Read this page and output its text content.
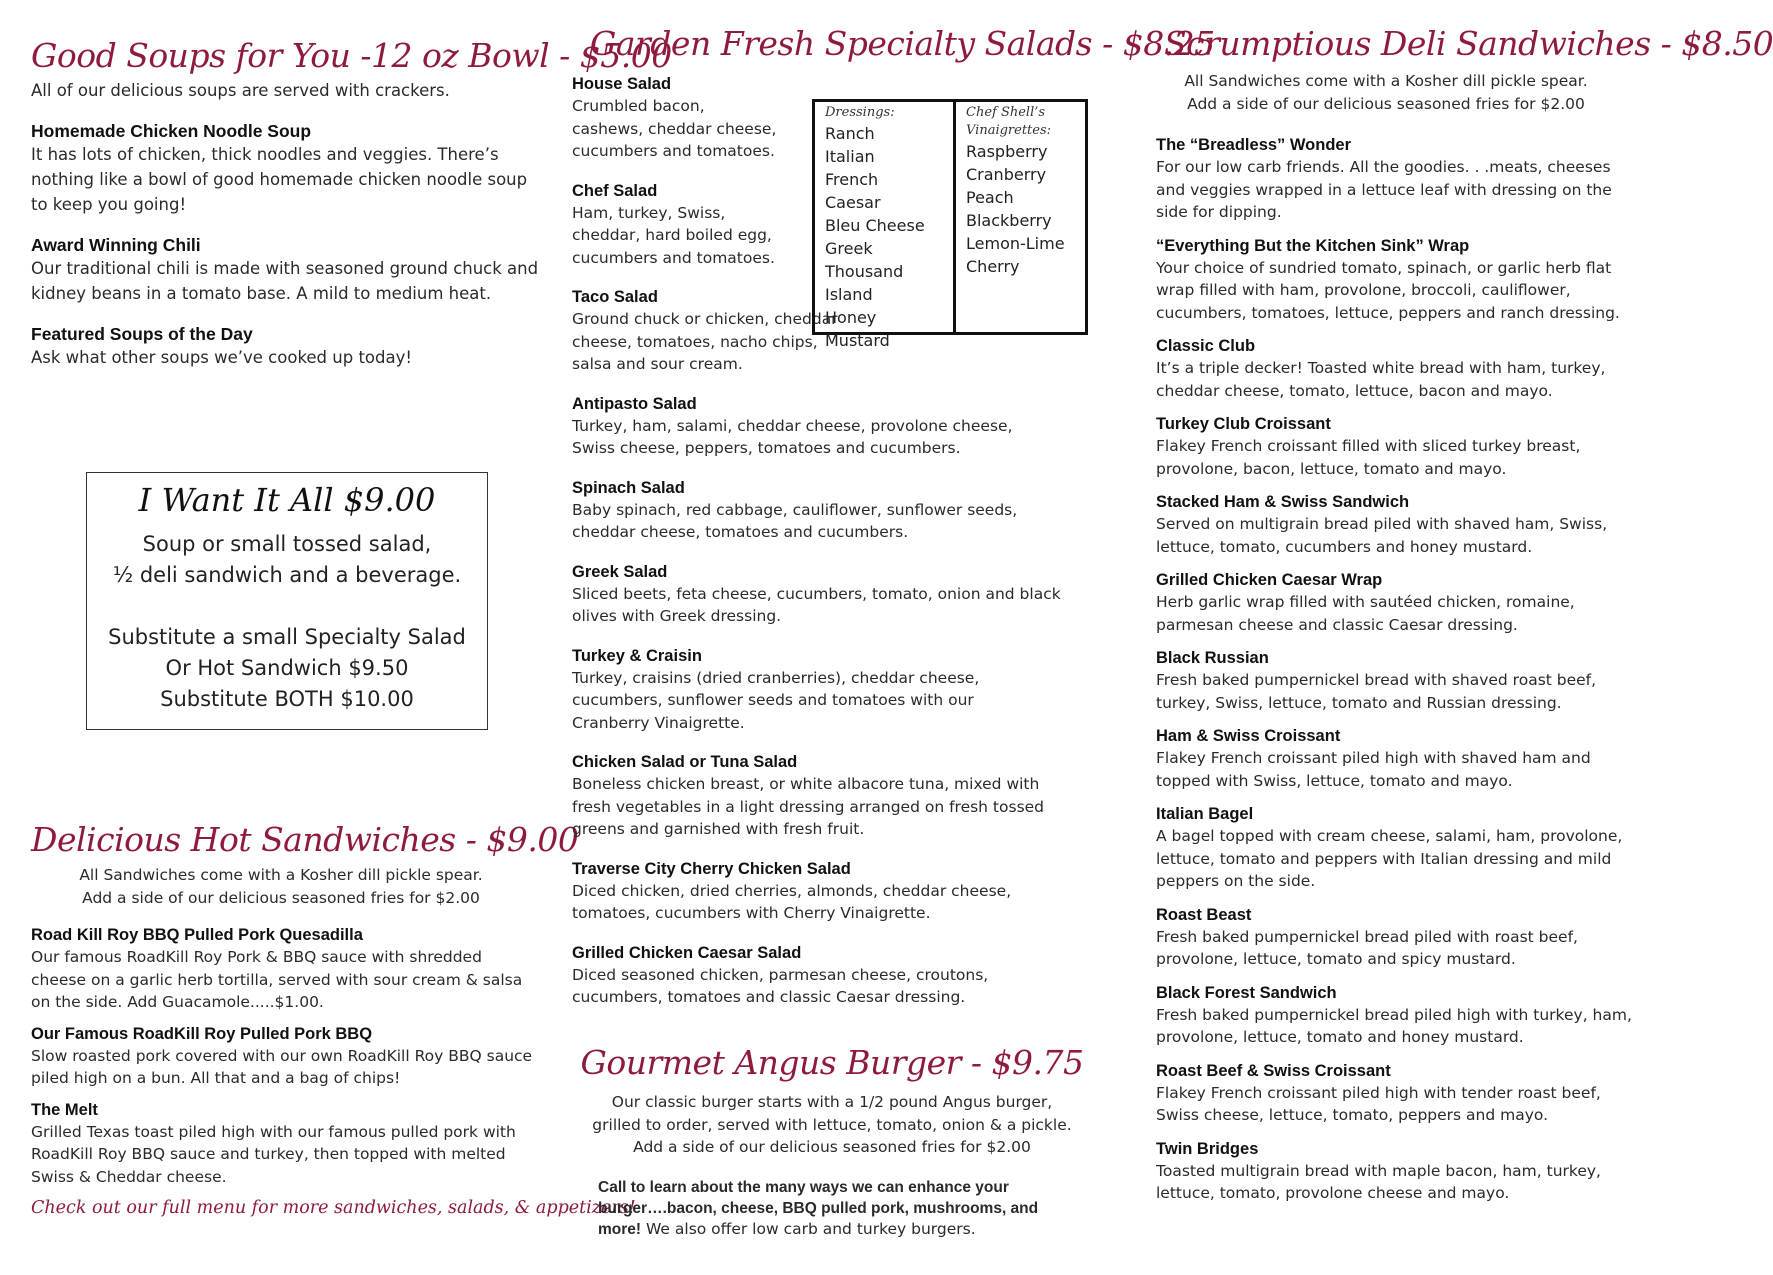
Good Soups for You -12 oz Bowl - $5.00
All of our delicious soups are served with crackers.
Homemade Chicken Noodle Soup
It has lots of chicken, thick noodles and veggies. There’s nothing like a bowl of good homemade chicken noodle soup to keep you going!
Award Winning Chili
Our traditional chili is made with seasoned ground chuck and kidney beans in a tomato base. A mild to medium heat.
Featured Soups of the Day
Ask what other soups we’ve cooked up today!
I Want It All $9.00
Soup or small tossed salad,
½ deli sandwich and a beverage.
Substitute a small Specialty Salad
Or Hot Sandwich $9.50
Substitute BOTH $10.00
Delicious Hot Sandwiches - $9.00
All Sandwiches come with a Kosher dill pickle spear.
Add a side of our delicious seasoned fries for $2.00
Road Kill Roy BBQ Pulled Pork Quesadilla
Our famous RoadKill Roy Pork & BBQ sauce with shredded cheese on a garlic herb tortilla, served with sour cream & salsa on the side. Add Guacamole.....$1.00.
Our Famous RoadKill Roy Pulled Pork BBQ
Slow roasted pork covered with our own RoadKill Roy BBQ sauce piled high on a bun. All that and a bag of chips!
The Melt
Grilled Texas toast piled high with our famous pulled pork with RoadKill Roy BBQ sauce and turkey, then topped with melted Swiss & Cheddar cheese.
Check out our full menu for more sandwiches, salads, & appetizers!
Garden Fresh Specialty Salads - $8.25
House Salad
Crumbled bacon, cashews, cheddar cheese, cucumbers and tomatoes.
Chef Salad
Ham, turkey, Swiss, cheddar, hard boiled egg, cucumbers and tomatoes.
Taco Salad
Ground chuck or chicken, cheddar cheese, tomatoes, nacho chips, salsa and sour cream.
Antipasto Salad
Turkey, ham, salami, cheddar cheese, provolone cheese, Swiss cheese, peppers, tomatoes and cucumbers.
Spinach Salad
Baby spinach, red cabbage, cauliflower, sunflower seeds, cheddar cheese, tomatoes and cucumbers.
Greek Salad
Sliced beets, feta cheese, cucumbers, tomato, onion and black olives with Greek dressing.
Turkey & Craisin
Turkey, craisins (dried cranberries), cheddar cheese, cucumbers, sunflower seeds and tomatoes with our Cranberry Vinaigrette.
Chicken Salad or Tuna Salad
Boneless chicken breast, or white albacore tuna, mixed with fresh vegetables in a light dressing arranged on fresh tossed greens and garnished with fresh fruit.
Traverse City Cherry Chicken Salad
Diced chicken, dried cherries, almonds, cheddar cheese, tomatoes, cucumbers with Cherry Vinaigrette.
Grilled Chicken Caesar Salad
Diced seasoned chicken, parmesan cheese, croutons, cucumbers, tomatoes and classic Caesar dressing.
Dressings:
Ranch
Italian
French
Caesar
Bleu Cheese
Greek
Thousand
Island
Honey Mustard
Chef Shell’s
Vinaigrettes:
Raspberry
Cranberry
Peach
Blackberry
Lemon-Lime
Cherry
Gourmet Angus Burger - $9.75
Our classic burger starts with a 1/2 pound Angus burger,
grilled to order, served with lettuce, tomato, onion & a pickle.
Add a side of our delicious seasoned fries for $2.00
Call to learn about the many ways we can enhance your burger….bacon, cheese, BBQ pulled pork, mushrooms, and more! We also offer low carb and turkey burgers.
Scrumptious Deli Sandwiches - $8.50
All Sandwiches come with a Kosher dill pickle spear.
Add a side of our delicious seasoned fries for $2.00
The “Breadless” Wonder
For our low carb friends. All the goodies. . .meats, cheeses and veggies wrapped in a lettuce leaf with dressing on the side for dipping.
“Everything But the Kitchen Sink” Wrap
Your choice of sundried tomato, spinach, or garlic herb flat wrap filled with ham, provolone, broccoli, cauliflower, cucumbers, tomatoes, lettuce, peppers and ranch dressing.
Classic Club
It’s a triple decker! Toasted white bread with ham, turkey, cheddar cheese, tomato, lettuce, bacon and mayo.
Turkey Club Croissant
Flakey French croissant filled with sliced turkey breast, provolone, bacon, lettuce, tomato and mayo.
Stacked Ham & Swiss Sandwich
Served on multigrain bread piled with shaved ham, Swiss, lettuce, tomato, cucumbers and honey mustard.
Grilled Chicken Caesar Wrap
Herb garlic wrap filled with sautéed chicken, romaine, parmesan cheese and classic Caesar dressing.
Black Russian
Fresh baked pumpernickel bread with shaved roast beef, turkey, Swiss, lettuce, tomato and Russian dressing.
Ham & Swiss Croissant
Flakey French croissant piled high with shaved ham and topped with Swiss, lettuce, tomato and mayo.
Italian Bagel
A bagel topped with cream cheese, salami, ham, provolone, lettuce, tomato and peppers with Italian dressing and mild peppers on the side.
Roast Beast
Fresh baked pumpernickel bread piled with roast beef, provolone, lettuce, tomato and spicy mustard.
Black Forest Sandwich
Fresh baked pumpernickel bread piled high with turkey, ham, provolone, lettuce, tomato and honey mustard.
Roast Beef & Swiss Croissant
Flakey French croissant piled high with tender roast beef, Swiss cheese, lettuce, tomato, peppers and mayo.
Twin Bridges
Toasted multigrain bread with maple bacon, ham, turkey, lettuce, tomato, provolone cheese and mayo.
